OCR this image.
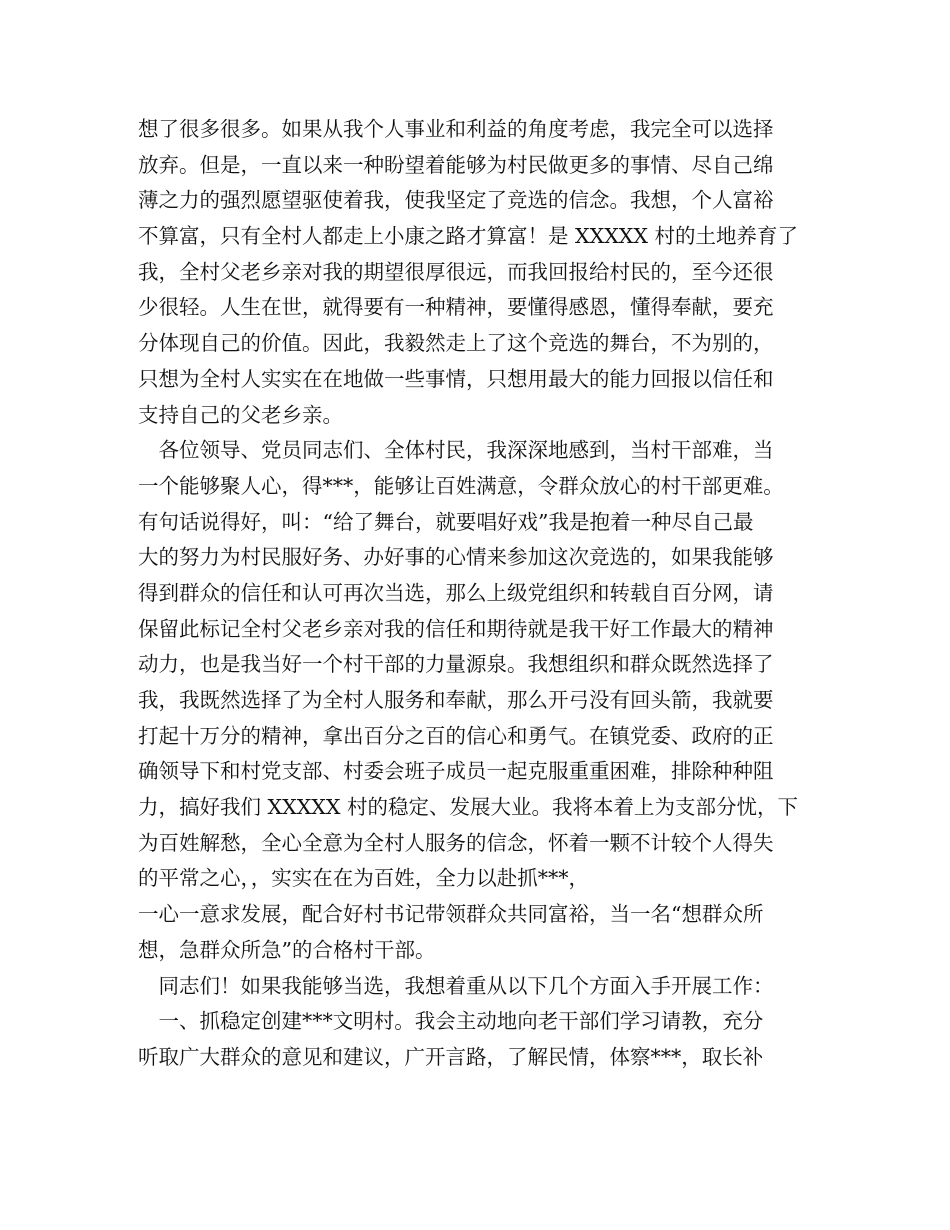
想了很多很多。如果从我个人事业和利益的角度考虑，我完全可以选择
放弃。但是，一直以来一种盼望着能够为村民做更多的事情、尽自己绵
薄之力的强烈愿望驱使着我，使我坚定了竞选的信念。我想，个人富裕
不算富，只有全村人都走上小康之路才算富！是 XXXXX 村的土地养育了
我，全村父老乡亲对我的期望很厚很远，而我回报给村民的，至今还很
少很轻。人生在世，就得要有一种精神，要懂得感恩，懂得奉献，要充
分体现自己的价值。因此，我毅然走上了这个竞选的舞台，不为别的，
只想为全村人实实在在地做一些事情，只想用最大的能力回报以信任和
支持自己的父老乡亲。
　各位领导、党员同志们、全体村民，我深深地感到，当村干部难，当
一个能够聚人心，得***，能够让百姓满意，令群众放心的村干部更难。
有句话说得好，叫：“给了舞台，就要唱好戏”我是抱着一种尽自己最
大的努力为村民服好务、办好事的心情来参加这次竞选的，如果我能够
得到群众的信任和认可再次当选，那么上级党组织和转载自百分网，请
保留此标记全村父老乡亲对我的信任和期待就是我干好工作最大的精神
动力，也是我当好一个村干部的力量源泉。我想组织和群众既然选择了
我，我既然选择了为全村人服务和奉献，那么开弓没有回头箭，我就要
打起十万分的精神，拿出百分之百的信心和勇气。在镇党委、政府的正
确领导下和村党支部、村委会班子成员一起克服重重困难，排除种种阻
力，搞好我们 XXXXX 村的稳定、发展大业。我将本着上为支部分忧，下
为百姓解愁，全心全意为全村人服务的信念，怀着一颗不计较个人得失
的平常之心，，实实在在为百姓，全力以赴抓***，
一心一意求发展，配合好村书记带领群众共同富裕，当一名“想群众所
想，急群众所急”的合格村干部。
　同志们！如果我能够当选，我想着重从以下几个方面入手开展工作：
　一、抓稳定创建***文明村。我会主动地向老干部们学习请教，充分
听取广大群众的意见和建议，广开言路，了解民情，体察***，取长补
